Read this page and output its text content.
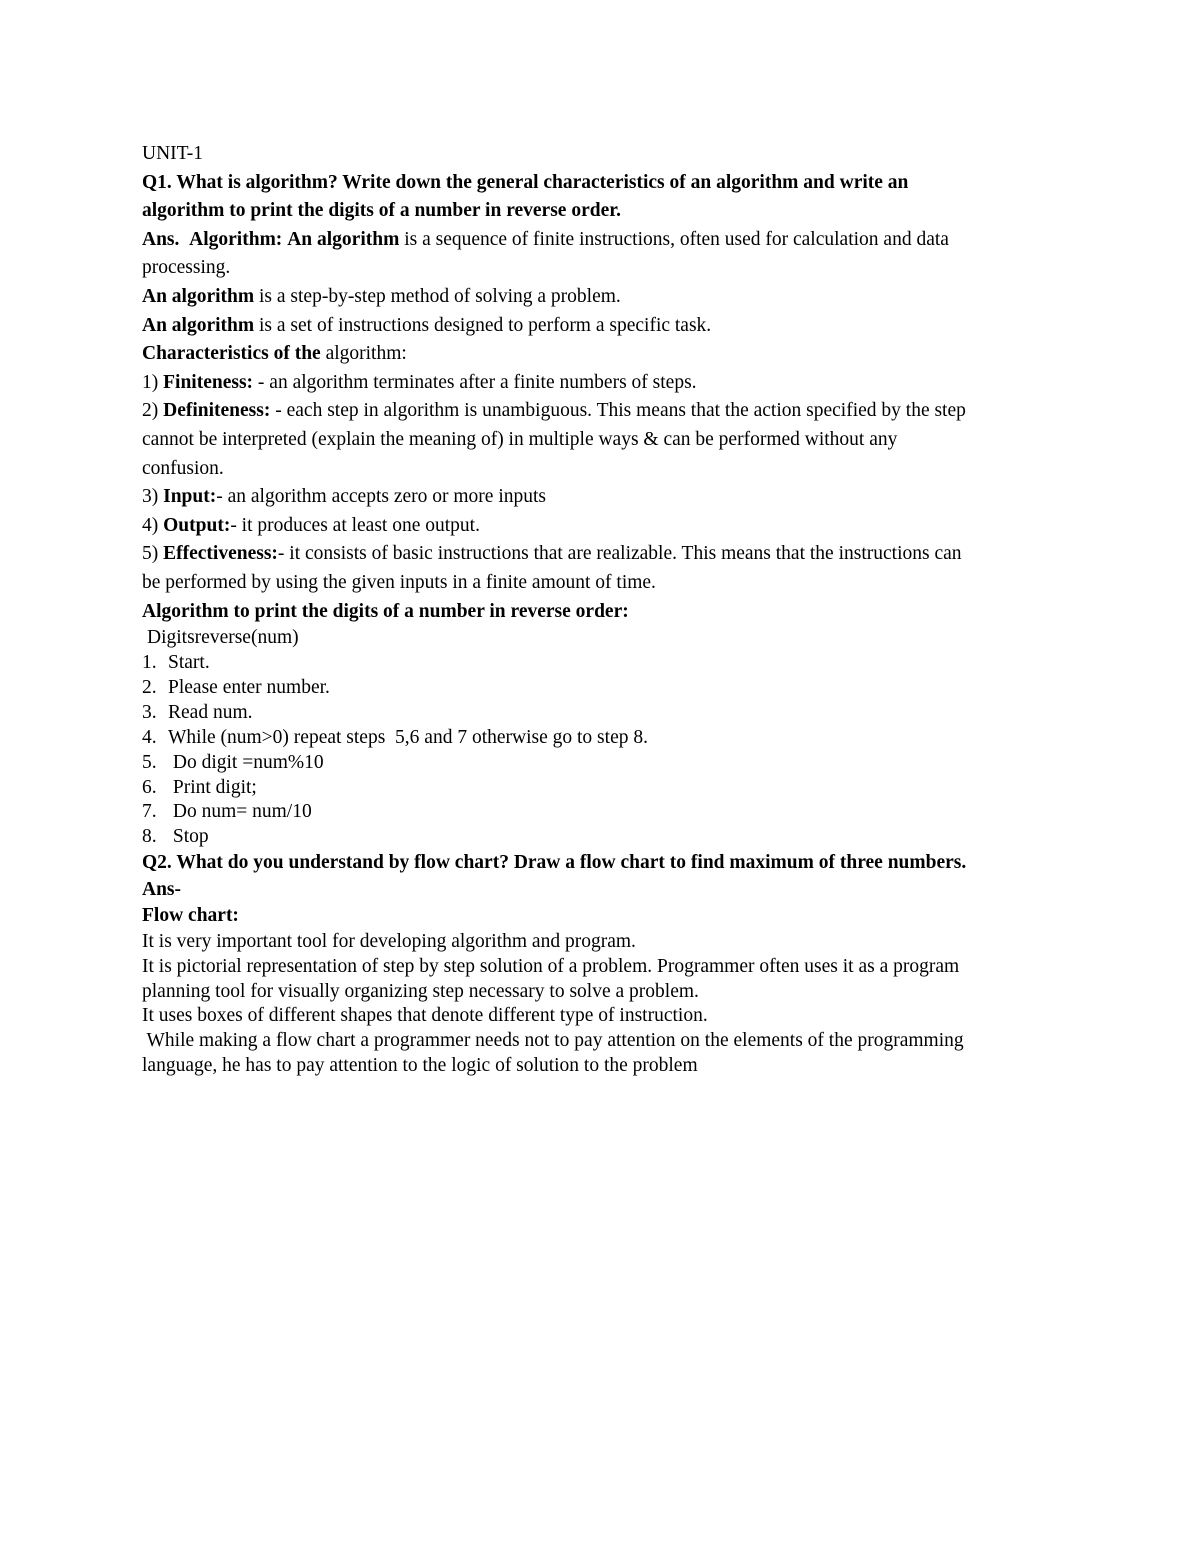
UNIT-1
Q1. What is algorithm? Write down the general characteristics of an algorithm and write an
algorithm to print the digits of a number in reverse order.
Ans. Algorithm: An algorithm is a sequence of finite instructions, often used for calculation and data
processing.
An algorithm is a step-by-step method of solving a problem.
An algorithm is a set of instructions designed to perform a specific task.
Characteristics of the algorithm:
1) Finiteness: - an algorithm terminates after a finite numbers of steps.
2) Definiteness: - each step in algorithm is unambiguous. This means that the action specified by the step
cannot be interpreted (explain the meaning of) in multiple ways & can be performed without any
confusion.
3) Input:- an algorithm accepts zero or more inputs
4) Output:- it produces at least one output.
5) Effectiveness:- it consists of basic instructions that are realizable. This means that the instructions can
be performed by using the given inputs in a finite amount of time.
Algorithm to print the digits of a number in reverse order:
Digitsreverse(num)
1. Start.
2. Please enter number.
3. Read num.
4. While (num>0) repeat steps  5,6 and 7 otherwise go to step 8.
5. Do digit =num%10
6. Print digit;
7. Do num= num/10
8. Stop
Q2. What do you understand by flow chart? Draw a flow chart to find maximum of three numbers.
Ans-
Flow chart:
It is very important tool for developing algorithm and program.
It is pictorial representation of step by step solution of a problem. Programmer often uses it as a program
planning tool for visually organizing step necessary to solve a problem.
It uses boxes of different shapes that denote different type of instruction.
While making a flow chart a programmer needs not to pay attention on the elements of the programming
language, he has to pay attention to the logic of solution to the problem
